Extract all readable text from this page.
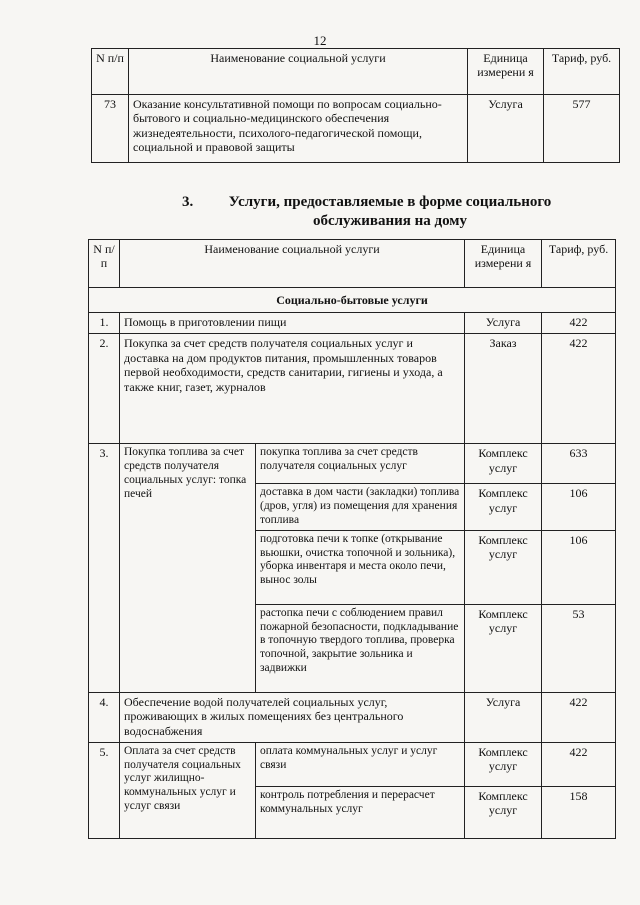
12
N п/п	Наименование социальной услуги	Единица измерени я	Тариф, руб.
73	Оказание консультативной помощи по вопросам социально-бытового и социально-медицинского обеспечения жизнедеятельности, психолого-педагогической помощи, социальной и правовой защиты	Услуга	577
3.	Услуги, предоставляемые в форме социального обслуживания на дому
N п/п	Наименование социальной услуги		Единица измерени я	Тариф, руб.
Социально-бытовые услуги				
1.	Помощь в приготовлении пищи		Услуга	422
2.	Покупка за счет средств получателя социальных услуг и доставка на дом продуктов питания, промышленных товаров первой необходимости, средств санитарии, гигиены и ухода, а также книг, газет, журналов		Заказ	422
3.	Покупка топлива за счет средств получателя социальных услуг: топка печей	покупка топлива за счет средств получателя социальных услуг	Комплекс услуг	633
		доставка в дом части (закладки) топлива (дров, угля) из помещения для хранения топлива	Комплекс услуг	106
		подготовка печи к топке (открывание вьюшки, очистка топочной и зольника), уборка инвентаря и места около печи, вынос золы	Комплекс услуг	106
		растопка печи с соблюдением правил пожарной безопасности, подкладывание в топочную твердого топлива, проверка топочной, закрытие зольника и задвижки	Комплекс услуг	53
4.	Обеспечение водой получателей социальных услуг, проживающих в жилых помещениях без центрального водоснабжения		Услуга	422
5.	Оплата за счет средств получателя социальных услуг жилищно-коммунальных услуг и услуг связи	оплата коммунальных услуг и услуг связи	Комплекс услуг	422
		контроль потребления и перерасчет коммунальных услуг	Комплекс услуг	158
